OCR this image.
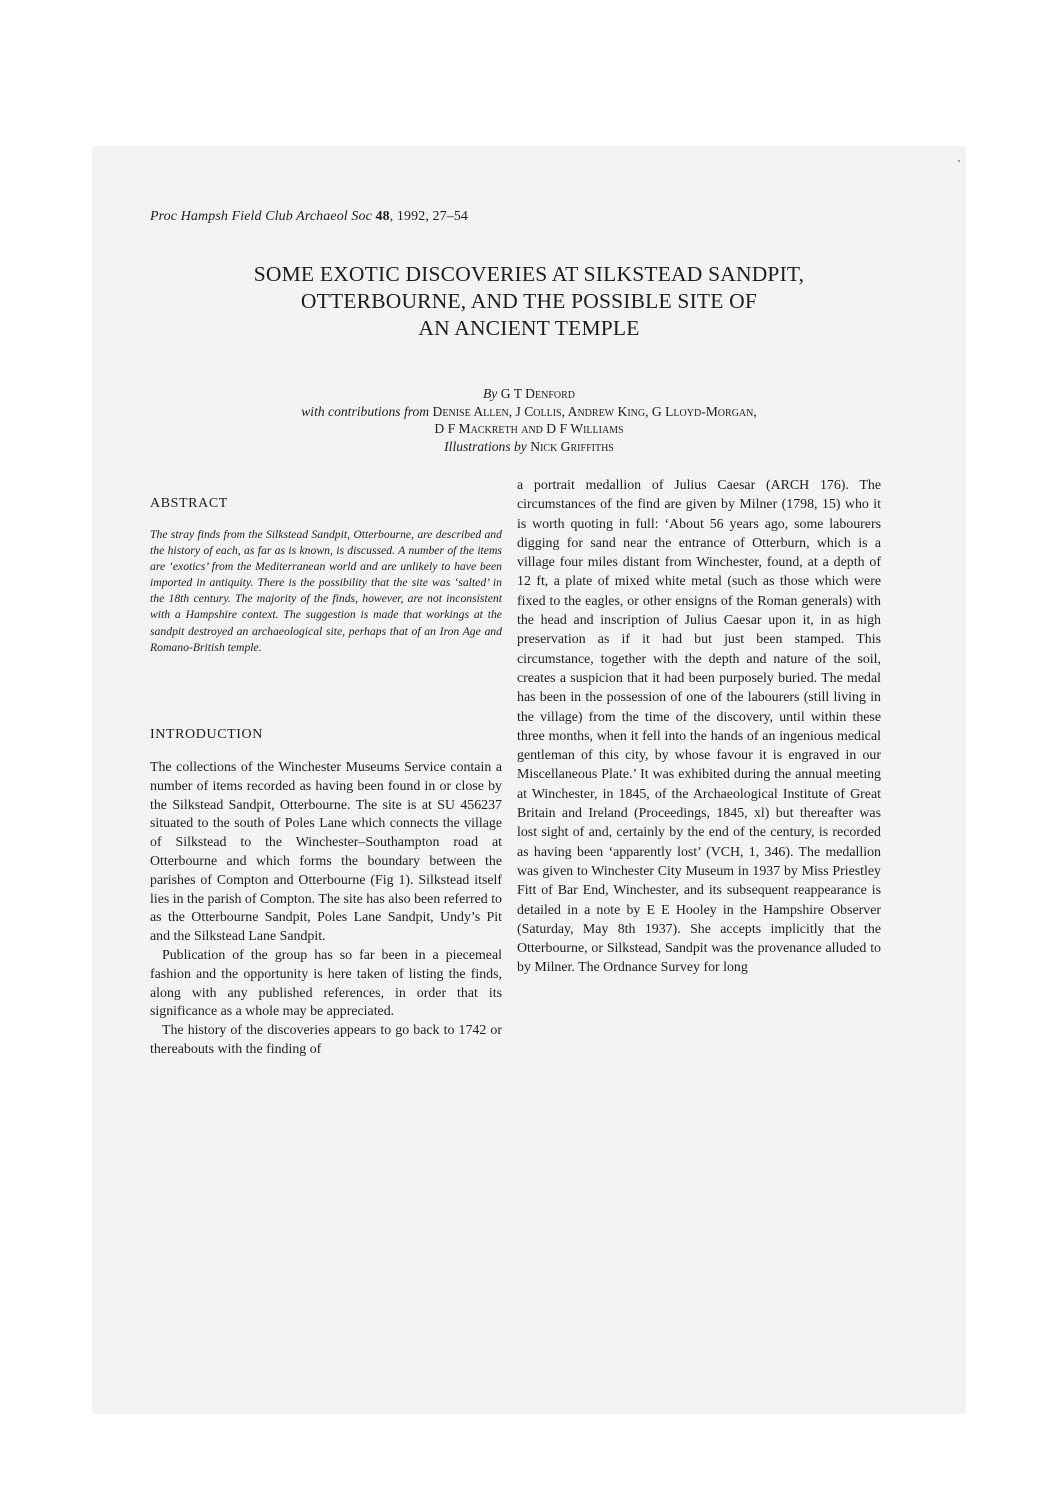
Proc Hampsh Field Club Archaeol Soc 48, 1992, 27–54
SOME EXOTIC DISCOVERIES AT SILKSTEAD SANDPIT,
OTTERBOURNE, AND THE POSSIBLE SITE OF
AN ANCIENT TEMPLE
By G T Denford
with contributions from Denise Allen, J Collis, Andrew King, G Lloyd-Morgan,
D F Mackreth and D F Williams
Illustrations by Nick Griffiths
ABSTRACT
The stray finds from the Silkstead Sandpit, Otterbourne, are described and the history of each, as far as is known, is discussed. A number of the items are ‘exotics’ from the Mediterranean world and are unlikely to have been imported in antiquity. There is the possibility that the site was ‘salted’ in the 18th century. The majority of the finds, however, are not inconsistent with a Hampshire context. The suggestion is made that workings at the sandpit destroyed an archaeological site, perhaps that of an Iron Age and Romano-British temple.
INTRODUCTION

The collections of the Winchester Museums Service contain a number of items recorded as having been found in or close by the Silkstead Sandpit, Otterbourne. The site is at SU 456237 situated to the south of Poles Lane which connects the village of Silkstead to the Winchester–Southampton road at Otterbourne and which forms the boundary between the parishes of Compton and Otterbourne (Fig 1). Silkstead itself lies in the parish of Compton. The site has also been referred to as the Otterbourne Sandpit, Poles Lane Sandpit, Undy’s Pit and the Silkstead Lane Sandpit.

Publication of the group has so far been in a piecemeal fashion and the opportunity is here taken of listing the finds, along with any published references, in order that its significance as a whole may be appreciated.

The history of the discoveries appears to go back to 1742 or thereabouts with the finding of

a portrait medallion of Julius Caesar (ARCH 176). The circumstances of the find are given by Milner (1798, 15) who it is worth quoting in full: ‘About 56 years ago, some labourers digging for sand near the entrance of Otterburn, which is a village four miles distant from Winchester, found, at a depth of 12 ft, a plate of mixed white metal (such as those which were fixed to the eagles, or other ensigns of the Roman generals) with the head and inscription of Julius Caesar upon it, in as high preservation as if it had but just been stamped. This circumstance, together with the depth and nature of the soil, creates a suspicion that it had been purposely buried. The medal has been in the possession of one of the labourers (still living in the village) from the time of the discovery, until within these three months, when it fell into the hands of an ingenious medical gentleman of this city, by whose favour it is engraved in our Miscellaneous Plate.’ It was exhibited during the annual meeting at Winchester, in 1845, of the Archaeological Institute of Great Britain and Ireland (Proceedings, 1845, xl) but thereafter was lost sight of and, certainly by the end of the century, is recorded as having been ‘apparently lost’ (VCH, 1, 346). The medallion was given to Winchester City Museum in 1937 by Miss Priestley Fitt of Bar End, Winchester, and its subsequent reappearance is detailed in a note by E E Hooley in the Hampshire Observer (Saturday, May 8th 1937). She accepts implicitly that the Otterbourne, or Silkstead, Sandpit was the provenance alluded to by Milner. The Ordnance Survey for long
